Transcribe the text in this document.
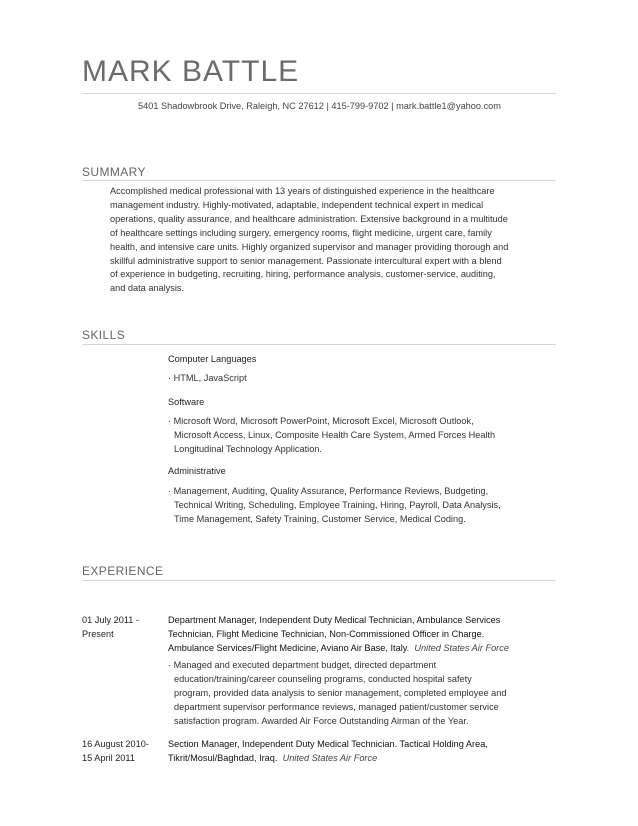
MARK BATTLE
5401 Shadowbrook Drive, Raleigh, NC 27612 | 415-799-9702 | mark.battle1@yahoo.com
SUMMARY
Accomplished medical professional with 13 years of distinguished experience in the healthcare
management industry. Highly-motivated, adaptable, independent technical expert in medical
operations, quality assurance, and healthcare administration. Extensive background in a multitude
of healthcare settings including surgery, emergency rooms, flight medicine, urgent care, family
health, and intensive care units. Highly organized supervisor and manager providing thorough and
skillful administrative support to senior management. Passionate intercultural expert with a blend
of experience in budgeting, recruiting, hiring, performance analysis, customer-service, auditing,
and data analysis.
SKILLS
Computer Languages
· HTML, JavaScript
Software
· Microsoft Word, Microsoft PowerPoint, Microsoft Excel, Microsoft Outlook,
Microsoft Access, Linux, Composite Health Care System, Armed Forces Health
Longitudinal Technology Application.
Administrative
· Management, Auditing, Quality Assurance, Performance Reviews, Budgeting,
Technical Writing, Scheduling, Employee Training, Hiring, Payroll, Data Analysis,
Time Management, Safety Training, Customer Service, Medical Coding.
EXPERIENCE
01 July 2011 -
Present
Department Manager, Independent Duty Medical Technician, Ambulance Services
Technician, Flight Medicine Technician, Non-Commissioned Officer in Charge.
Ambulance Services/Flight Medicine, Aviano Air Base, Italy. United States Air Force
· Managed and executed department budget, directed department
education/training/career counseling programs, conducted hospital safety
program, provided data analysis to senior management, completed employee and
department supervisor performance reviews, managed patient/customer service
satisfaction program. Awarded Air Force Outstanding Airman of the Year.
16 August 2010-
15 April 2011
Section Manager, Independent Duty Medical Technician. Tactical Holding Area,
Tikrit/Mosul/Baghdad, Iraq. United States Air Force
